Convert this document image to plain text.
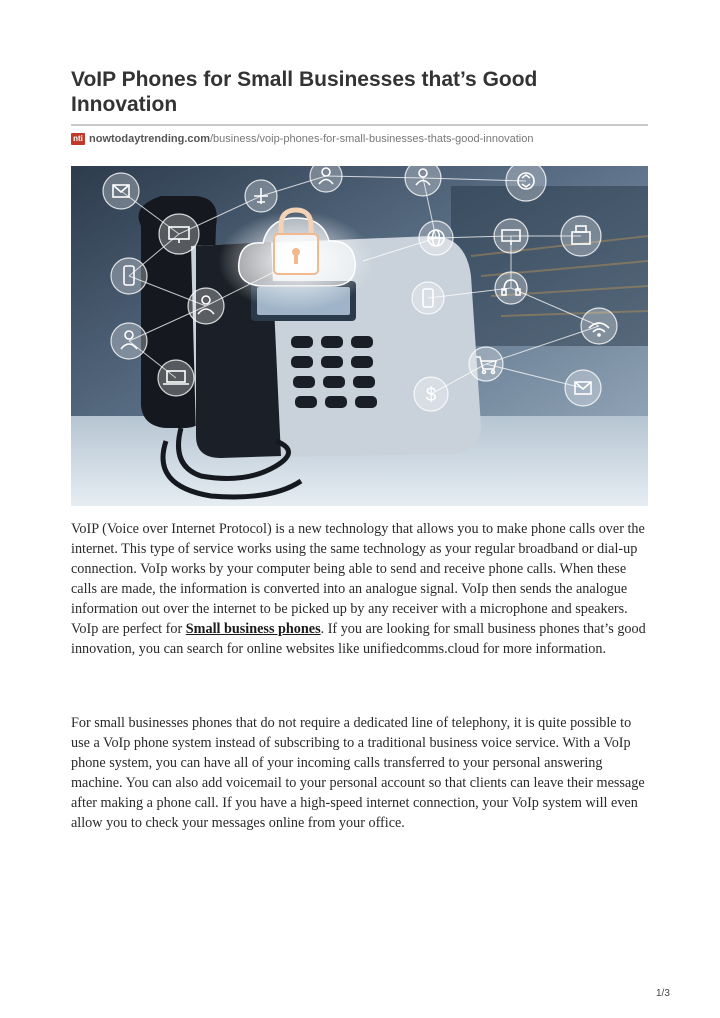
VoIP Phones for Small Businesses that’s Good Innovation
nti nowtodaytrending.com /business/voip-phones-for-small-businesses-thats-good-innovation
$

VoIP (Voice over Internet Protocol) is a new technology that allows you to make phone calls over the internet. This type of service works using the same technology as your regular broadband or dial-up connection. VoIp works by your computer being able to send and receive phone calls. When these calls are made, the information is converted into an analogue signal. VoIp then sends the analogue information out over the internet to be picked up by any receiver with a microphone and speakers. VoIp are perfect for Small business phones. If you are looking for small business phones that’s good innovation, you can search for online websites like unifiedcomms.cloud for more information.

For small businesses phones that do not require a dedicated line of telephony, it is quite possible to use a VoIp phone system instead of subscribing to a traditional business voice service. With a VoIp phone system, you can have all of your incoming calls transferred to your personal answering machine. You can also add voicemail to your personal account so that clients can leave their message after making a phone call. If you have a high-speed internet connection, your VoIp system will even allow you to check your messages online from your office.

1/3
